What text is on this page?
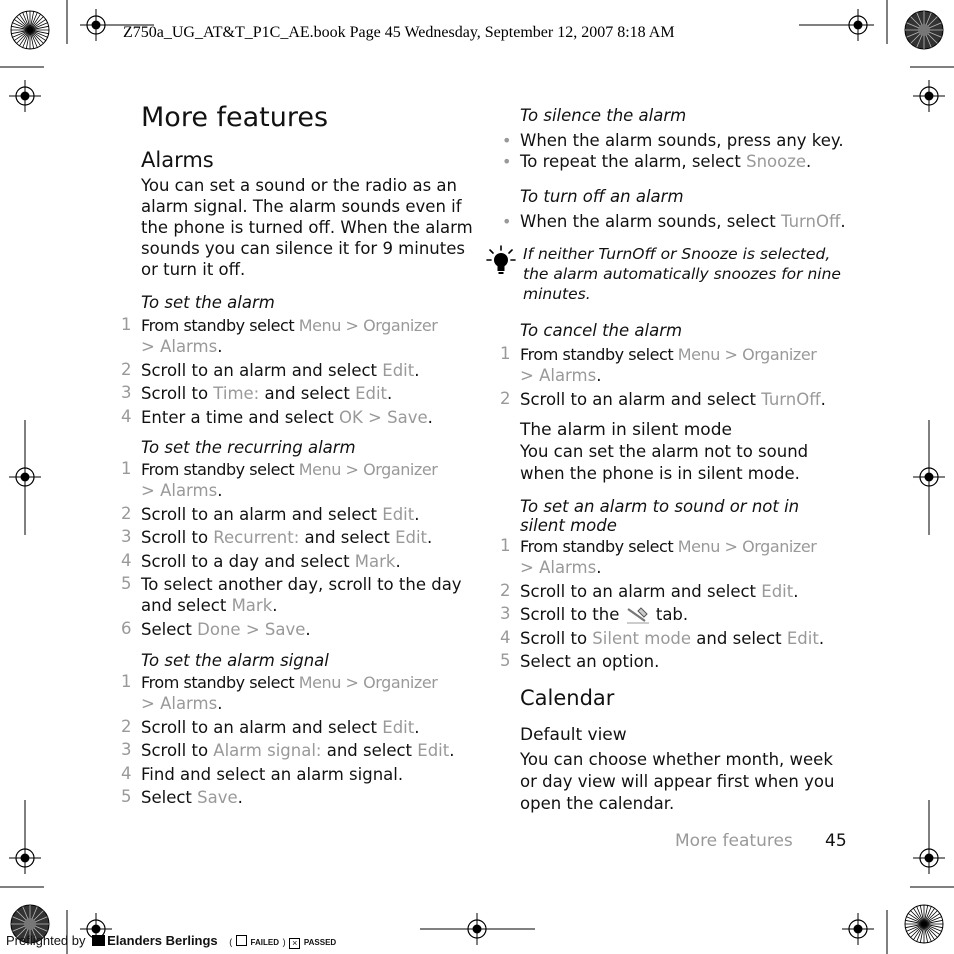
Z750a_UG_AT&T_P1C_AE.book Page 45 Wednesday, September 12, 2007 8:18 AM
More features
Alarms
You can set a sound or the radio as an
alarm signal. The alarm sounds even if
the phone is turned off. When the alarm
sounds you can silence it for 9 minutes
or turn it off.
To set the alarm
1 From standby select Menu > Organizer
> Alarms.
2 Scroll to an alarm and select Edit.
3 Scroll to Time: and select Edit.
4 Enter a time and select OK > Save.
To set the recurring alarm
1 From standby select Menu > Organizer
> Alarms.
2 Scroll to an alarm and select Edit.
3 Scroll to Recurrent: and select Edit.
4 Scroll to a day and select Mark.
5 To select another day, scroll to the day
and select Mark.
6 Select Done > Save.
To set the alarm signal
1 From standby select Menu > Organizer
> Alarms.
2 Scroll to an alarm and select Edit.
3 Scroll to Alarm signal: and select Edit.
4 Find and select an alarm signal.
5 Select Save.
To silence the alarm
• When the alarm sounds, press any key.
• To repeat the alarm, select Snooze.
To turn off an alarm
• When the alarm sounds, select TurnOff.
If neither TurnOff or Snooze is selected,
the alarm automatically snoozes for nine
minutes.
To cancel the alarm
1 From standby select Menu > Organizer
> Alarms.
2 Scroll to an alarm and select TurnOff.
The alarm in silent mode
You can set the alarm not to sound
when the phone is in silent mode.
To set an alarm to sound or not in
silent mode
1 From standby select Menu > Organizer
> Alarms.
2 Scroll to an alarm and select Edit.
3 Scroll to the  tab.
4 Scroll to Silent mode and select Edit.
5 Select an option.
Calendar
Default view
You can choose whether month, week
or day view will appear first when you
open the calendar.
More features 45
Preflighted by Elanders Berlings ( FAILED ) × PASSED
